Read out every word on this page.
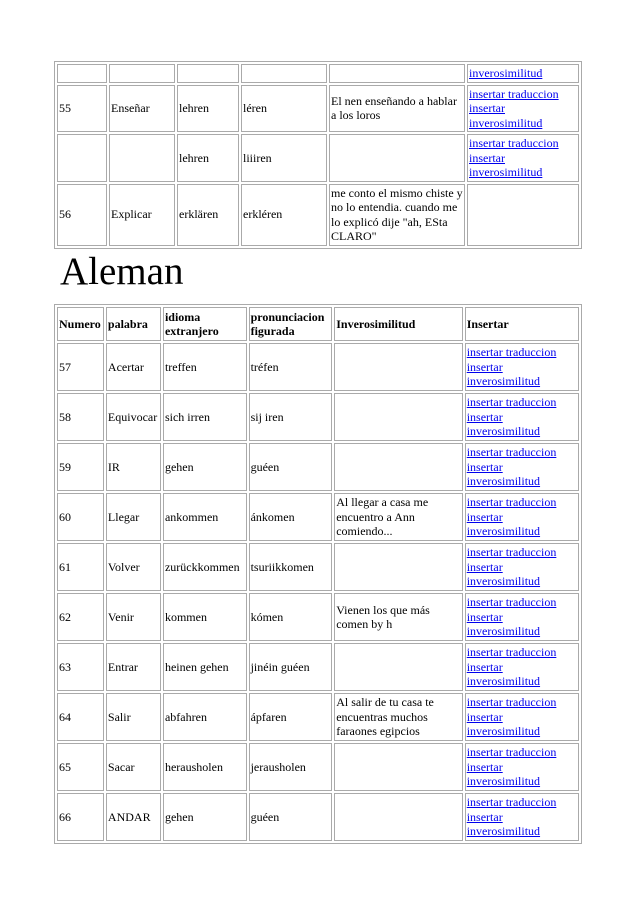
					inverosimilitud

55	Enseñar	lehren	léren	El nen enseñando a hablar a los loros	insertar traduccion
insertar
inverosimilitud

		lehren	liiiren		insertar traduccion
insertar
inverosimilitud

56	Explicar	erklären	erkléren	me conto el mismo chiste y no lo entendia. cuando me lo explicó dije "ah, ESta CLARO"	
Aleman
Numero	palabra	idioma extranjero	pronunciacion figurada	Inverosimilitud	Insertar
57	Acertar	treffen	tréfen		insertar traduccion
insertar
inverosimilitud

58	Equivocar	sich irren	sij iren		insertar traduccion
insertar
inverosimilitud

59	IR	gehen	guéen		insertar traduccion
insertar
inverosimilitud

60	Llegar	ankommen	ánkomen	Al llegar a casa me encuentro a Ann comiendo...	insertar traduccion
insertar
inverosimilitud

61	Volver	zurückkommen	tsuriikkomen		insertar traduccion
insertar
inverosimilitud

62	Venir	kommen	kómen	Vienen los que más comen by h	insertar traduccion
insertar
inverosimilitud

63	Entrar	heinen gehen	jinéin guéen		insertar traduccion
insertar
inverosimilitud

64	Salir	abfahren	ápfaren	Al salir de tu casa te encuentras muchos faraones egipcios	insertar traduccion
insertar
inverosimilitud

65	Sacar	herausholen	jerausholen		insertar traduccion
insertar
inverosimilitud

66	ANDAR	gehen	guéen		insertar traduccion
insertar
inverosimilitud
